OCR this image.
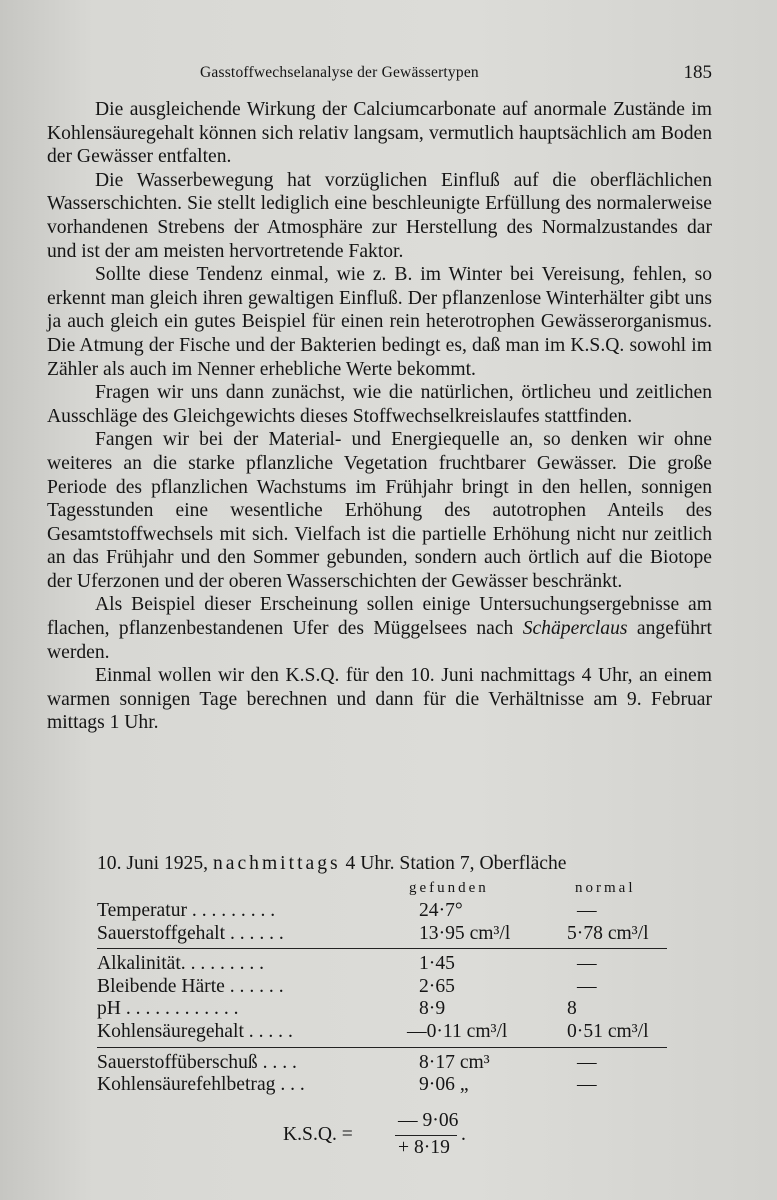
Gasstoffwechselanalyse der Gewässertypen	185

Die ausgleichende Wirkung der Calciumcarbonate auf anormale Zustände im Kohlensäuregehalt können sich relativ langsam, vermutlich hauptsächlich am Boden der Gewässer entfalten.

Die Wasserbewegung hat vorzüglichen Einfluß auf die oberflächlichen Wasserschichten. Sie stellt lediglich eine beschleunigte Erfüllung des normalerweise vorhandenen Strebens der Atmosphäre zur Herstellung des Normalzustandes dar und ist der am meisten hervortretende Faktor.

Sollte diese Tendenz einmal, wie z. B. im Winter bei Vereisung, fehlen, so erkennt man gleich ihren gewaltigen Einfluß. Der pflanzenlose Winterhälter gibt uns ja auch gleich ein gutes Beispiel für einen rein heterotrophen Gewässerorganismus. Die Atmung der Fische und der Bakterien bedingt es, daß man im K.S.Q. sowohl im Zähler als auch im Nenner erhebliche Werte bekommt.

Fragen wir uns dann zunächst, wie die natürlichen, örtlicheu und zeitlichen Ausschläge des Gleichgewichts dieses Stoffwechselkreislaufes stattfinden.

Fangen wir bei der Material- und Energiequelle an, so denken wir ohne weiteres an die starke pflanzliche Vegetation fruchtbarer Gewässer. Die große Periode des pflanzlichen Wachstums im Frühjahr bringt in den hellen, sonnigen Tagesstunden eine wesentliche Erhöhung des autotrophen Anteils des Gesamtstoffwechsels mit sich. Vielfach ist die partielle Erhöhung nicht nur zeitlich an das Frühjahr und den Sommer gebunden, sondern auch örtlich auf die Biotope der Uferzonen und der oberen Wasserschichten der Gewässer beschränkt.

Als Beispiel dieser Erscheinung sollen einige Untersuchungsergebnisse am flachen, pflanzenbestandenen Ufer des Müggelsees nach Schäperclaus angeführt werden.

Einmal wollen wir den K.S.Q. für den 10. Juni nachmittags 4 Uhr, an einem warmen sonnigen Tage berechnen und dann für die Verhältnisse am 9. Februar mittags 1 Uhr.

10. Juni 1925, nachmittags 4 Uhr. Station 7, Oberfläche
gefunden	normal
Temperatur . . . . . . . . .	24·7°	—
Sauerstoffgehalt . . . . . .	13·95 cm³/l	5·78 cm³/l
Alkalinität. . . . . . . . .	1·45	—
Bleibende Härte . . . . . .	2·65	—
pH . . . . . . . . . . . .	8·9	8
Kohlensäuregehalt . . . . .	—0·11 cm³/l	0·51 cm³/l
Sauerstoffüberschuß . . . .	8·17 cm³	—
Kohlensäurefehlbetrag . . .	9·06 „	—
K.S.Q. =
— 9·06
+ 8·19
.
